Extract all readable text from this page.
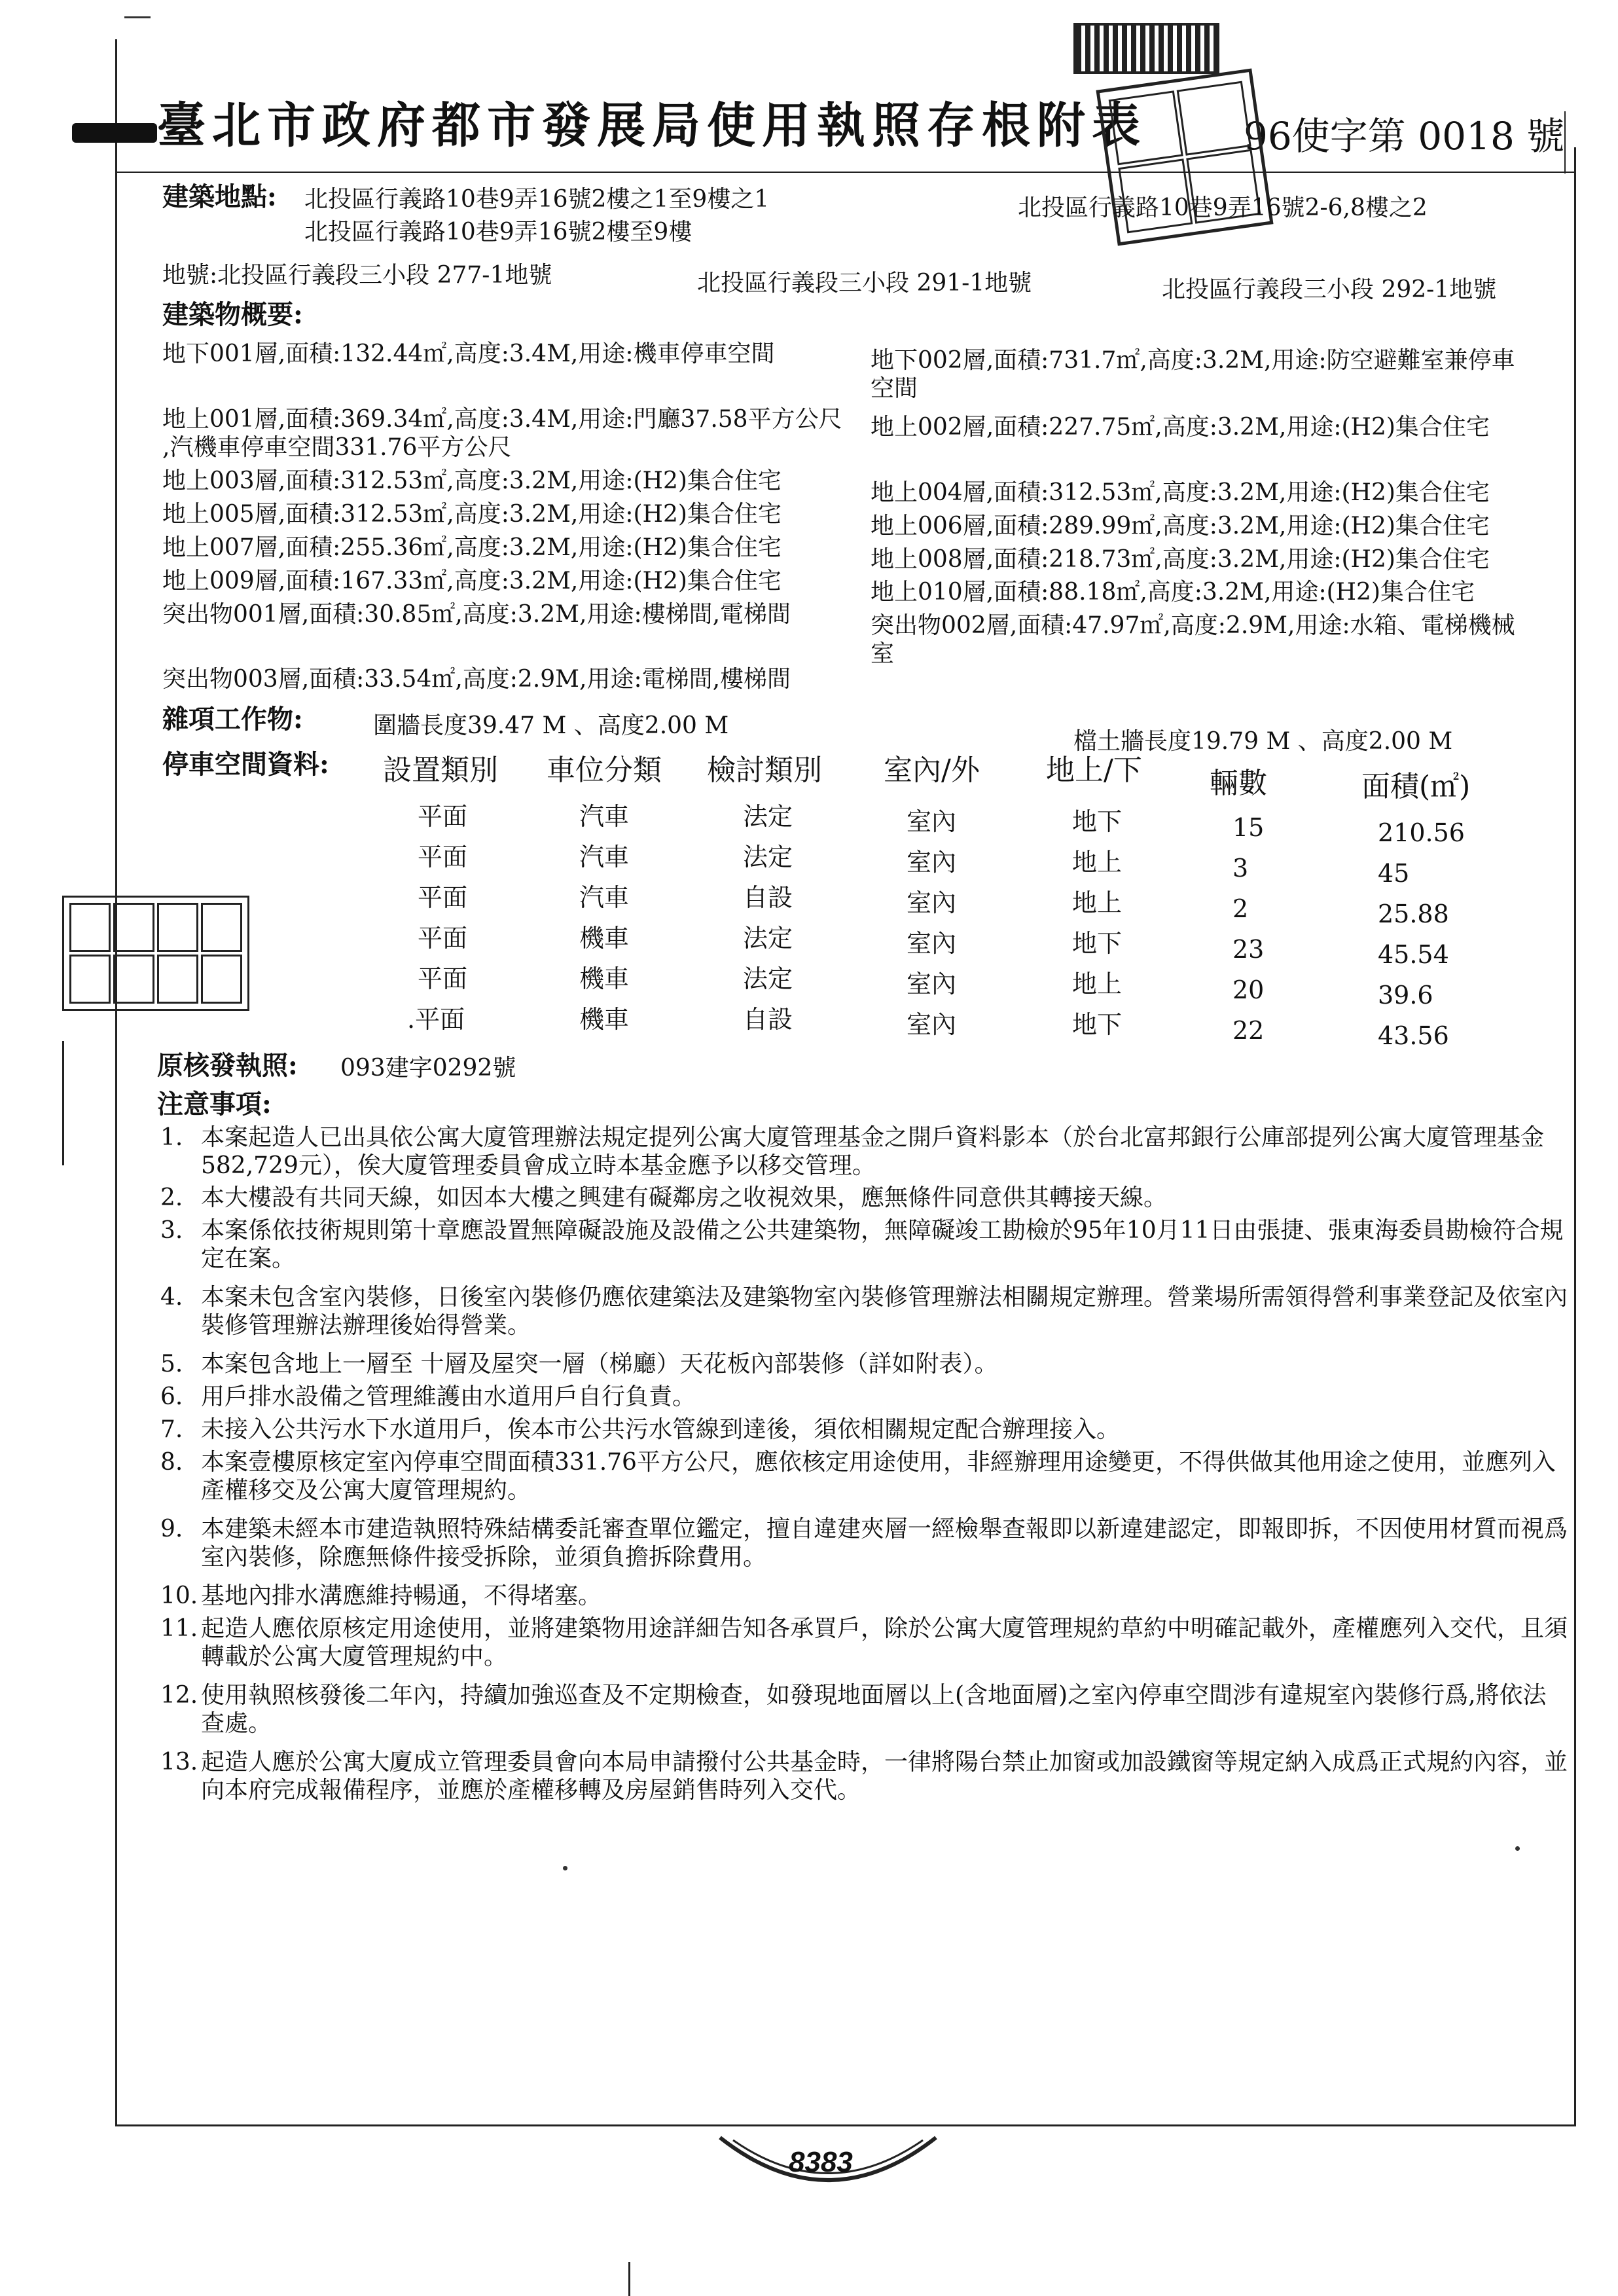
臺北市政府都市發展局使用執照存根附表	96使字第 0018 號
建築地點: 北投區行義路10巷9弄16號2樓之1至9樓之1	北投區行義路10巷9弄16號2-6,8樓之2
北投區行義路10巷9弄16號2樓至9樓
地號:北投區行義段三小段 277-1地號	北投區行義段三小段 291-1地號	北投區行義段三小段 292-1地號
建築物概要:
地下001層,面積:132.44㎡,高度:3.4M,用途:機車停車空間
地上001層,面積:369.34㎡,高度:3.4M,用途:門廳37.58平方公尺
,汽機車停車空間331.76平方公尺
地上003層,面積:312.53㎡,高度:3.2M,用途:(H2)集合住宅
地上005層,面積:312.53㎡,高度:3.2M,用途:(H2)集合住宅
地上007層,面積:255.36㎡,高度:3.2M,用途:(H2)集合住宅
地上009層,面積:167.33㎡,高度:3.2M,用途:(H2)集合住宅
突出物001層,面積:30.85㎡,高度:3.2M,用途:樓梯間,電梯間
突出物003層,面積:33.54㎡,高度:2.9M,用途:電梯間,樓梯間
地下002層,面積:731.7㎡,高度:3.2M,用途:防空避難室兼停車
空間
地上002層,面積:227.75㎡,高度:3.2M,用途:(H2)集合住宅
地上004層,面積:312.53㎡,高度:3.2M,用途:(H2)集合住宅
地上006層,面積:289.99㎡,高度:3.2M,用途:(H2)集合住宅
地上008層,面積:218.73㎡,高度:3.2M,用途:(H2)集合住宅
地上010層,面積:88.18㎡,高度:3.2M,用途:(H2)集合住宅
突出物002層,面積:47.97㎡,高度:2.9M,用途:水箱、電梯機械
室
雜項工作物:	圍牆長度39.47 M 、高度2.00 M
檔土牆長度19.79 M 、高度2.00 M
停車空間資料: 設置類別 車位分類 檢討類別 室內/外 地上/下 輛數	面積(㎡)
平面	汽車	法定	室內	地下	15	210.56
平面	汽車	法定	室內	地上	3	45
平面	汽車	自設	室內	地上	2	25.88
平面	機車	法定	室內	地下	23	45.54
平面	機車	法定	室內	地上	20	39.6
.平面	機車	自設	室內	地下	22	43.56
原核發執照: 093建字0292號
注意事項:
1. 本案起造人已出具依公寓大廈管理辦法規定提列公寓大廈管理基金之開戶資料影本（於台北富邦銀行公庫部提列公寓大廈管理基金582,729元），俟大廈管理委員會成立時本基金應予以移交管理。
2. 本大樓設有共同天線，如因本大樓之興建有礙鄰房之收視效果，應無條件同意供其轉接天線。
3. 本案係依技術規則第十章應設置無障礙設施及設備之公共建築物，無障礙竣工勘檢於95年10月11日由張捷、張東海委員勘檢符合規定在案。
4. 本案未包含室內裝修，日後室內裝修仍應依建築法及建築物室內裝修管理辦法相關規定辦理。營業場所需領得營利事業登記及依室內裝修管理辦法辦理後始得營業。
5. 本案包含地上一層至 十層及屋突一層（梯廳）天花板內部裝修（詳如附表）。
6. 用戶排水設備之管理維護由水道用戶自行負責。
7. 未接入公共污水下水道用戶，俟本市公共污水管線到達後，須依相關規定配合辦理接入。
8. 本案壹樓原核定室內停車空間面積331.76平方公尺，應依核定用途使用，非經辦理用途變更，不得供做其他用途之使用，並應列入產權移交及公寓大廈管理規約。
9. 本建築未經本市建造執照特殊結構委託審查單位鑑定，擅自違建夾層一經檢舉查報即以新違建認定，即報即拆，不因使用材質而視爲室內裝修，除應無條件接受拆除，並須負擔拆除費用。
10. 基地內排水溝應維持暢通，不得堵塞。
11. 起造人應依原核定用途使用，並將建築物用途詳細告知各承買戶，除於公寓大廈管理規約草約中明確記載外，產權應列入交代，且須轉載於公寓大廈管理規約中。
12. 使用執照核發後二年內，持續加強巡查及不定期檢查，如發現地面層以上(含地面層)之室內停車空間涉有違規室內裝修行爲,將依法查處。
13. 起造人應於公寓大廈成立管理委員會向本局申請撥付公共基金時，一律將陽台禁止加窗或加設鐵窗等規定納入成爲正式規約內容，並向本府完成報備程序，並應於產權移轉及房屋銷售時列入交代。
8383
